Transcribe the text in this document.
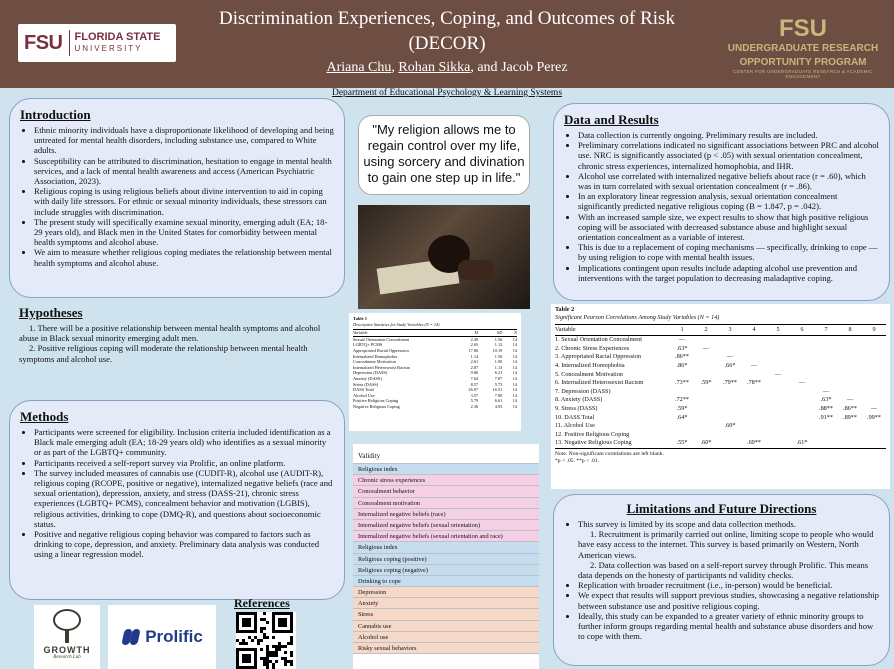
FSU FLORIDA STATE
UNIVERSITY
Discrimination Experiences, Coping, and Outcomes of Risk
(DECOR)
Ariana Chu, Rohan Sikka, and Jacob Perez
FSU
UNDERGRADUATE RESEARCH
OPPORTUNITY PROGRAM
CENTER FOR UNDERGRADUATE RESEARCH & ACADEMIC ENGAGEMENT
Department of Educational Psychology & Learning Systems
Introduction
• Ethnic minority individuals have a disproportionate likelihood of developing and being untreated for mental health disorders, including substance use, compared to White adults.
• Susceptibility can be attributed to discrimination, hesitation to engage in mental health services, and a lack of mental health awareness and access (American Psychiatric Association, 2023).
• Religious coping is using religious beliefs about divine intervention to aid in coping with daily life stressors. For ethnic or sexual minority individuals, these stressors can include struggles with discrimination.
• The present study will specifically examine sexual minority, emerging adult (EA; 18-29 years old), and Black men in the United States for comorbidity between mental health symptoms and alcohol abuse.
• We aim to measure whether religious coping mediates the relationship between mental health symptoms and alcohol abuse.
Hypotheses

1. There will be a positive relationship between mental health symptoms and alcohol abuse in Black sexual minority emerging adult men.

2. Positive religious coping will moderate the relationship between mental health symptoms and alcohol use.

Methods
• Participants were screened for eligibility. Inclusion criteria included identification as a Black male emerging adult (EA; 18-29 years old) who identifies as a sexual minority or as part of the LGBTQ+ community.
• Participants received a self-report survey via Prolific, an online platform.
• The survey included measures of cannabis use (CUDIT-R), alcohol use (AUDIT-R), religious coping (RCOPE, positive or negative), internalized negative beliefs (race and sexual orientation), depression, anxiety, and stress (DASS-21), chronic stress experiences (LGBTQ+ PCMS), concealment behavior and motivation (LGBIS), religious activities, drinking to cope (DMQ-R), and questions about socioeconomic status.
• Positive and negative religious coping behavior was compared to factors such as drinking to cope, depression, and anxiety. Preliminary data analysis was conducted using a linear regression model.
"My religion allows me to regain control over my life, using sorcery and divination to gain one step up in life."
Table 1
Descriptive Statistics for Study Variables (N = 14)
Variable	M	SD	N
Sexual Orientation Concealment	2.49	1.56	14
LGBTQ+ PCMS	2.65	1.12	14
Appropriated Racial Oppression	17.86	10.19	14
Internalized Homophobia	1.14	1.56	14
Concealment Motivation	2.61	1.00	14
Internalized Heterosexist Racism	2.87	1.13	14
Depression (DASS)	9.86	6.21	14
Anxiety (DASS)	7.64	7.87	14
Stress (DASS)	8.57	5.75	14
DASS Total	26.07	16.51	14
Alcohol Use	3.57	7.80	14
Positive Religious Coping	5.79	6.61	14
Negative Religious Coping	2.36	4.93	14
Data and Results
• Data collection is currently ongoing. Preliminary results are included.
• Preliminary correlations indicated no significant associations between PRC and alcohol use. NRC is significantly associated (p < .05) with sexual orientation concealment, chronic stress experiences, internalized homophobia, and IHR.
• Alcohol use correlated with internalized negative beliefs about race (r = .60), which was in turn correlated with sexual orientation concealment (r = .86).
• In an exploratory linear regression analysis, sexual orientation concealment significantly predicted negative religious coping (B = 1.847, p = .042).
• With an increased sample size, we expect results to show that high positive religious coping will be associated with decreased substance abuse and highlight sexual orientation concealment as a variable of interest.
• This is due to a replacement of coping mechanisms — specifically, drinking to cope — by using religion to cope with mental health issues.
• Implications contingent upon results include adapting alcohol use prevention and interventions with the target population to decreasing maladaptive coping.
Table 2
Significant Pearson Correlations Among Study Variables (N = 14)
Variable	1	2	3	4	5	6	7	8	9
1. Sexual Orientation Concealment	—								
2. Chronic Stress Experiences	.63*	—							
3. Appropriated Racial Oppression	.86**		—						
4. Internalized Homophobia	.86*		.66*	—					
5. Concealment Motivation					—				
6. Internalized Heterosexist Racism	.73**	.59*	.79**	.78**		—			
7. Depression (DASS)							—		
8. Anxiety (DASS)	.72**						.63*	—	
9. Stress (DASS)	.59*						.88**	.86**	—
10. DASS Total	.64*						.91**	.89**	.99**
11. Alcohol Use			.60*						
12. Positive Religious Coping									
13. Negative Religious Coping	.55*	.60*		.69**		.61*			
Note. Non-significant correlations are left blank.
*p < .05. **p < .01.
Validity
Religious index
Chronic stress experiences
Concealment behavior
Concealment motivation
Internalized negative beliefs (race)
Internalized negative beliefs (sexual orientation)
Internalized negative beliefs (sexual orientation and race)
Religious index
Religious coping (positive)
Religious coping (negative)
Drinking to cope
Depression
Anxiety
Stress
Cannabis use
Alcohol use
Risky sexual behaviors
Limitations and Future Directions
• This survey is limited by its scope and data collection methods.

1. Recruitment is primarily carried out online, limiting scope to people who would have easy access to the internet. This survey is based primarily on Western, North American views.

2. Data collection was based on a self-report survey through Prolific. This means data depends on the honesty of participants nd validity checks.

• Replication with broader recruitment (i.e., in-person) would be beneficial.
• We expect that results will support previous studies, showcasing a negative relationship between substance use and positive religious coping.
• Ideally, this study can be expanded to a greater variety of ethnic minority groups to further inform groups regarding mental health and substance abuse disorders and how to cope with them.
GROWTH
Research Lab
Prolific
References
